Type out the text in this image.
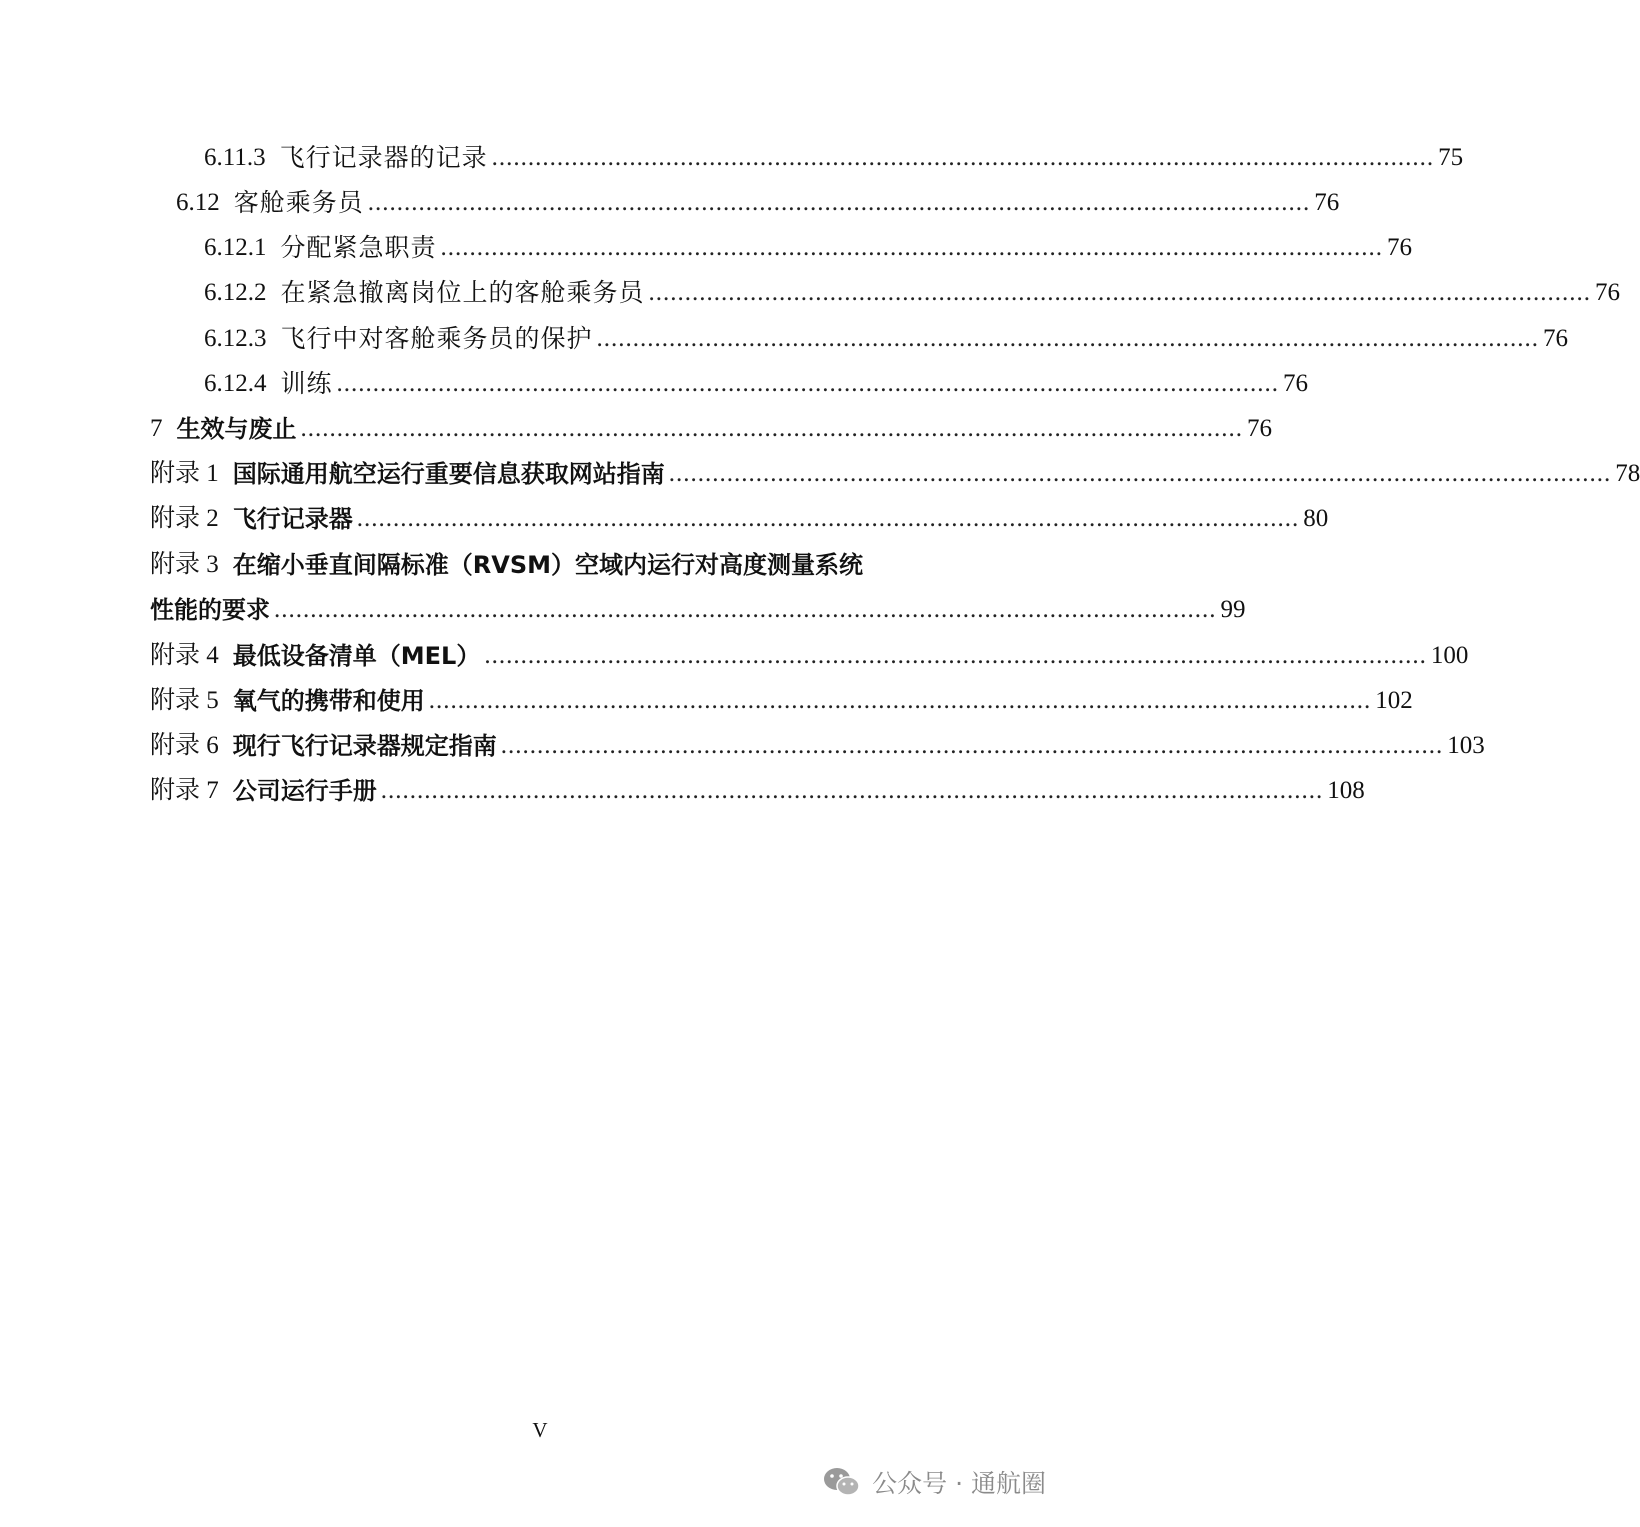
6.11.3 飞行记录器的记录 .................................................................................................................................. 75
6.12 客舱乘务员 .................................................................................................................................. 76
6.12.1 分配紧急职责 .................................................................................................................................. 76
6.12.2 在紧急撤离岗位上的客舱乘务员 .................................................................................................................................. 76
6.12.3 飞行中对客舱乘务员的保护 .................................................................................................................................. 76
6.12.4 训练 .................................................................................................................................. 76
7 生效与废止 .................................................................................................................................. 76
附录 1 国际通用航空运行重要信息获取网站指南 .................................................................................................................................. 78
附录 2 飞行记录器 .................................................................................................................................. 80
附录 3 在缩小垂直间隔标准（RVSM）空域内运行对高度测量系统
性能的要求 .................................................................................................................................. 99
附录 4 最低设备清单（MEL） .................................................................................................................................. 100
附录 5 氧气的携带和使用 .................................................................................................................................. 102
附录 6 现行飞行记录器规定指南 .................................................................................................................................. 103
附录 7 公司运行手册 .................................................................................................................................. 108
V
公众号 · 通航圈
